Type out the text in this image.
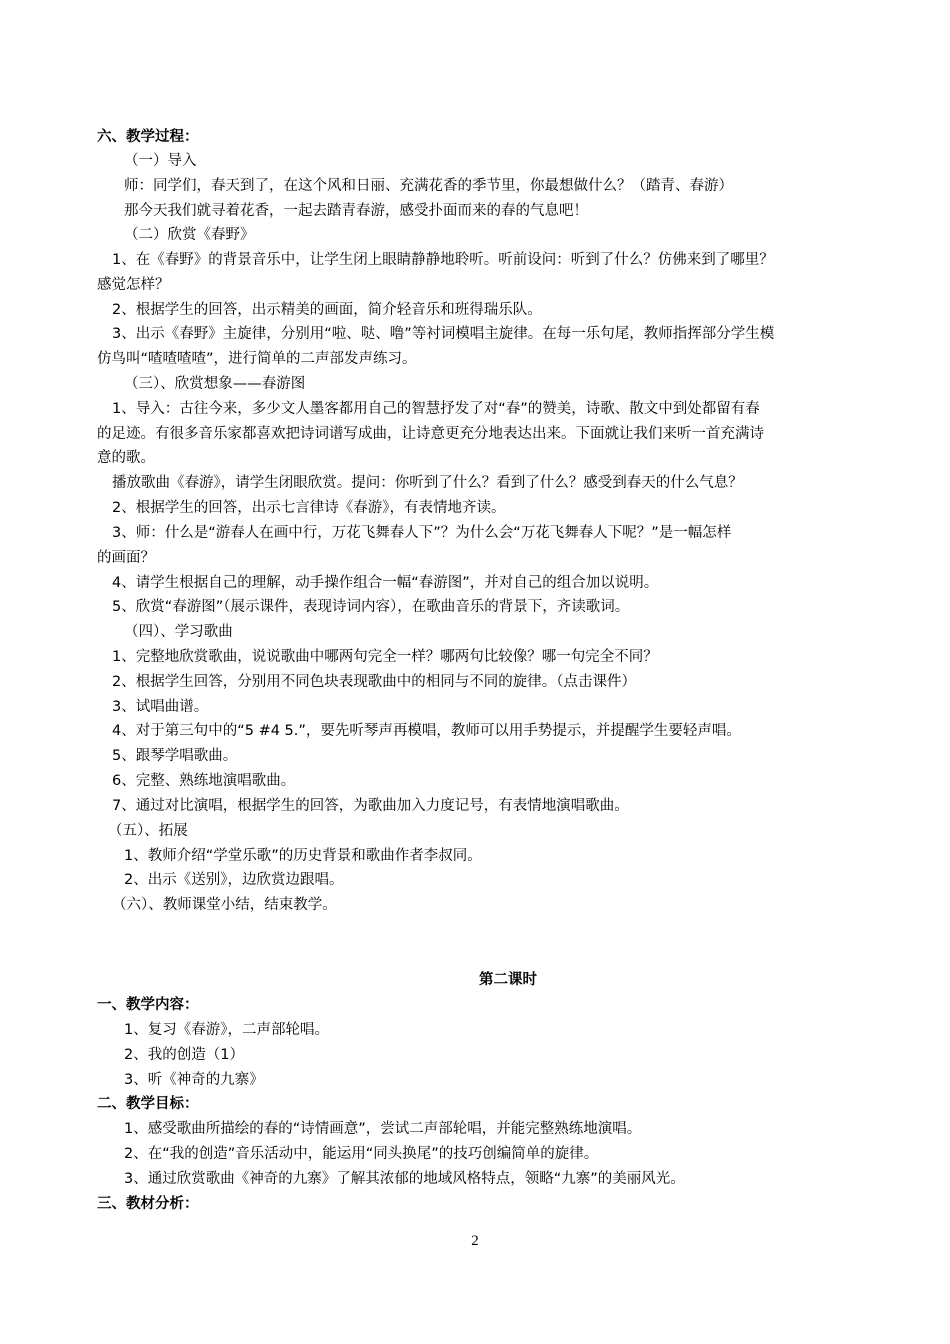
六、教学过程：
（一）导入
师：同学们，春天到了，在这个风和日丽、充满花香的季节里，你最想做什么？（踏青、春游）
那今天我们就寻着花香，一起去踏青春游，感受扑面而来的春的气息吧！
（二）欣赏《春野》
1、在《春野》的背景音乐中，让学生闭上眼睛静静地聆听。听前设问：听到了什么？仿佛来到了哪里？
感觉怎样？
2、根据学生的回答，出示精美的画面，简介轻音乐和班得瑞乐队。
3、出示《春野》主旋律，分别用“啦、哒、噜”等衬词模唱主旋律。在每一乐句尾，教师指挥部分学生模
仿鸟叫“喳喳喳喳”，进行简单的二声部发声练习。
（三）、欣赏想象——春游图
1、导入：古往今来，多少文人墨客都用自己的智慧抒发了对“春”的赞美，诗歌、散文中到处都留有春
的足迹。有很多音乐家都喜欢把诗词谱写成曲，让诗意更充分地表达出来。下面就让我们来听一首充满诗
意的歌。
播放歌曲《春游》，请学生闭眼欣赏。提问：你听到了什么？看到了什么？感受到春天的什么气息？
2、根据学生的回答，出示七言律诗《春游》，有表情地齐读。
3、师：什么是“游春人在画中行，万花飞舞春人下”？为什么会“万花飞舞春人下呢？”是一幅怎样
的画面？
4、请学生根据自己的理解，动手操作组合一幅“春游图”，并对自己的组合加以说明。
5、欣赏“春游图”（展示课件，表现诗词内容），在歌曲音乐的背景下，齐读歌词。
（四）、学习歌曲
1、完整地欣赏歌曲，说说歌曲中哪两句完全一样？哪两句比较像？哪一句完全不同？
2、根据学生回答，分别用不同色块表现歌曲中的相同与不同的旋律。（点击课件）
3、试唱曲谱。
4、对于第三句中的“5 #4 5.”，要先听琴声再模唱，教师可以用手势提示，并提醒学生要轻声唱。
5、跟琴学唱歌曲。
6、完整、熟练地演唱歌曲。
7、通过对比演唱，根据学生的回答，为歌曲加入力度记号，有表情地演唱歌曲。
（五）、拓展
1、教师介绍“学堂乐歌”的历史背景和歌曲作者李叔同。
2、出示《送别》，边欣赏边跟唱。
（六）、教师课堂小结，结束教学。
第二课时
一、教学内容：
1、复习《春游》，二声部轮唱。
2、我的创造（1）
3、听《神奇的九寨》
二、教学目标：
1、感受歌曲所描绘的春的“诗情画意”，尝试二声部轮唱，并能完整熟练地演唱。
2、在“我的创造”音乐活动中，能运用“同头换尾”的技巧创编简单的旋律。
3、通过欣赏歌曲《神奇的九寨》了解其浓郁的地域风格特点，领略“九寨”的美丽风光。
三、教材分析：
2
